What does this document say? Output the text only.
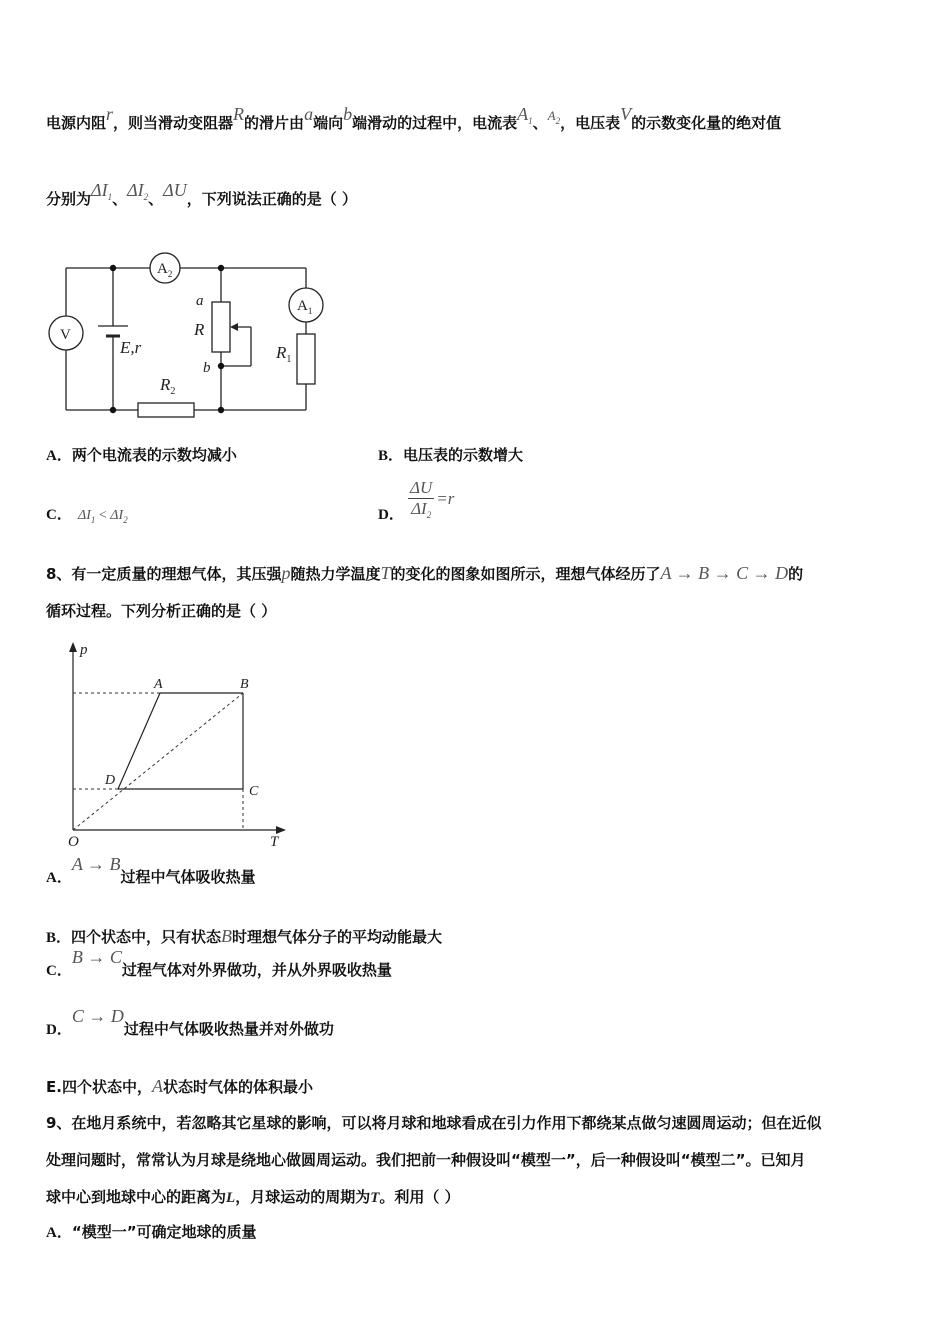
电源内阻r，则当滑动变阻器R的滑片由a端向b端滑动的过程中，电流表$A_1$、$A_2$，电压表V的示数变化量的绝对值
分别为$\Delta I_1$、$\Delta I_2$、ΔU，下列说法正确的是（ ）
$A_2$
$A_1$
V
a
R
b
E,r	$R_1$
$R_2$
A．两个电流表的示数均减小	B．电压表的示数增大
C． $\Delta I_1 < \Delta I_2$	D． $\frac{\Delta U}{\Delta I_2} =r$
8、有一定质量的理想气体，其压强p随热力学温度T的变化的图象如图所示，理想气体经历了A → B → C → D的
循环过程。下列分析正确的是（ ）
p
T
O
A	B
C
D
A．A → B过程中气体吸收热量
B．四个状态中，只有状态B时理想气体分子的平均动能最大
C．B → C过程气体对外界做功，并从外界吸收热量
D．C → D过程中气体吸收热量并对外做功
E.四个状态中，A状态时气体的体积最小
9、在地月系统中，若忽略其它星球的影响，可以将月球和地球看成在引力作用下都绕某点做匀速圆周运动；但在近似
处理问题时，常常认为月球是绕地心做圆周运动。我们把前一种假设叫“模型一”，后一种假设叫“模型二”。已知月
球中心到地球中心的距离为L，月球运动的周期为T。利用（ ）
A．“模型一”可确定地球的质量
